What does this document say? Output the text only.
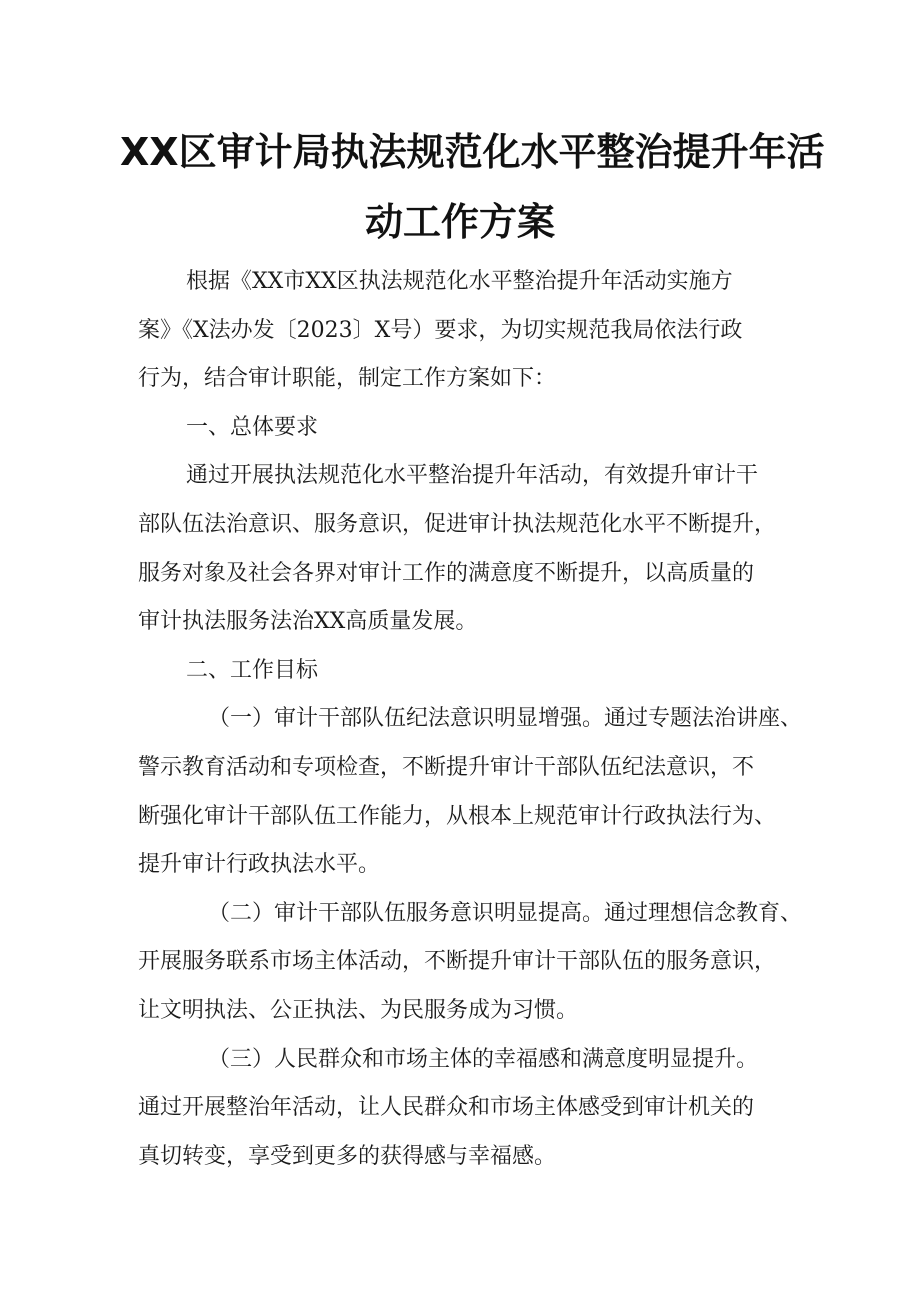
XX区审计局执法规范化水平整治提升年活
动工作方案
根据《XX市XX区执法规范化水平整治提升年活动实施方
案》《X法办发〔2023〕X号）要求，为切实规范我局依法行政
行为，结合审计职能，制定工作方案如下：
一、总体要求
通过开展执法规范化水平整治提升年活动，有效提升审计干
部队伍法治意识、服务意识，促进审计执法规范化水平不断提升，
服务对象及社会各界对审计工作的满意度不断提升，以高质量的
审计执法服务法治XX高质量发展。
二、工作目标
（一）审计干部队伍纪法意识明显增强。通过专题法治讲座、
警示教育活动和专项检查，不断提升审计干部队伍纪法意识，不
断强化审计干部队伍工作能力，从根本上规范审计行政执法行为、
提升审计行政执法水平。
（二）审计干部队伍服务意识明显提高。通过理想信念教育、
开展服务联系市场主体活动，不断提升审计干部队伍的服务意识，
让文明执法、公正执法、为民服务成为习惯。
（三）人民群众和市场主体的幸福感和满意度明显提升。
通过开展整治年活动，让人民群众和市场主体感受到审计机关的
真切转变，享受到更多的获得感与幸福感。
